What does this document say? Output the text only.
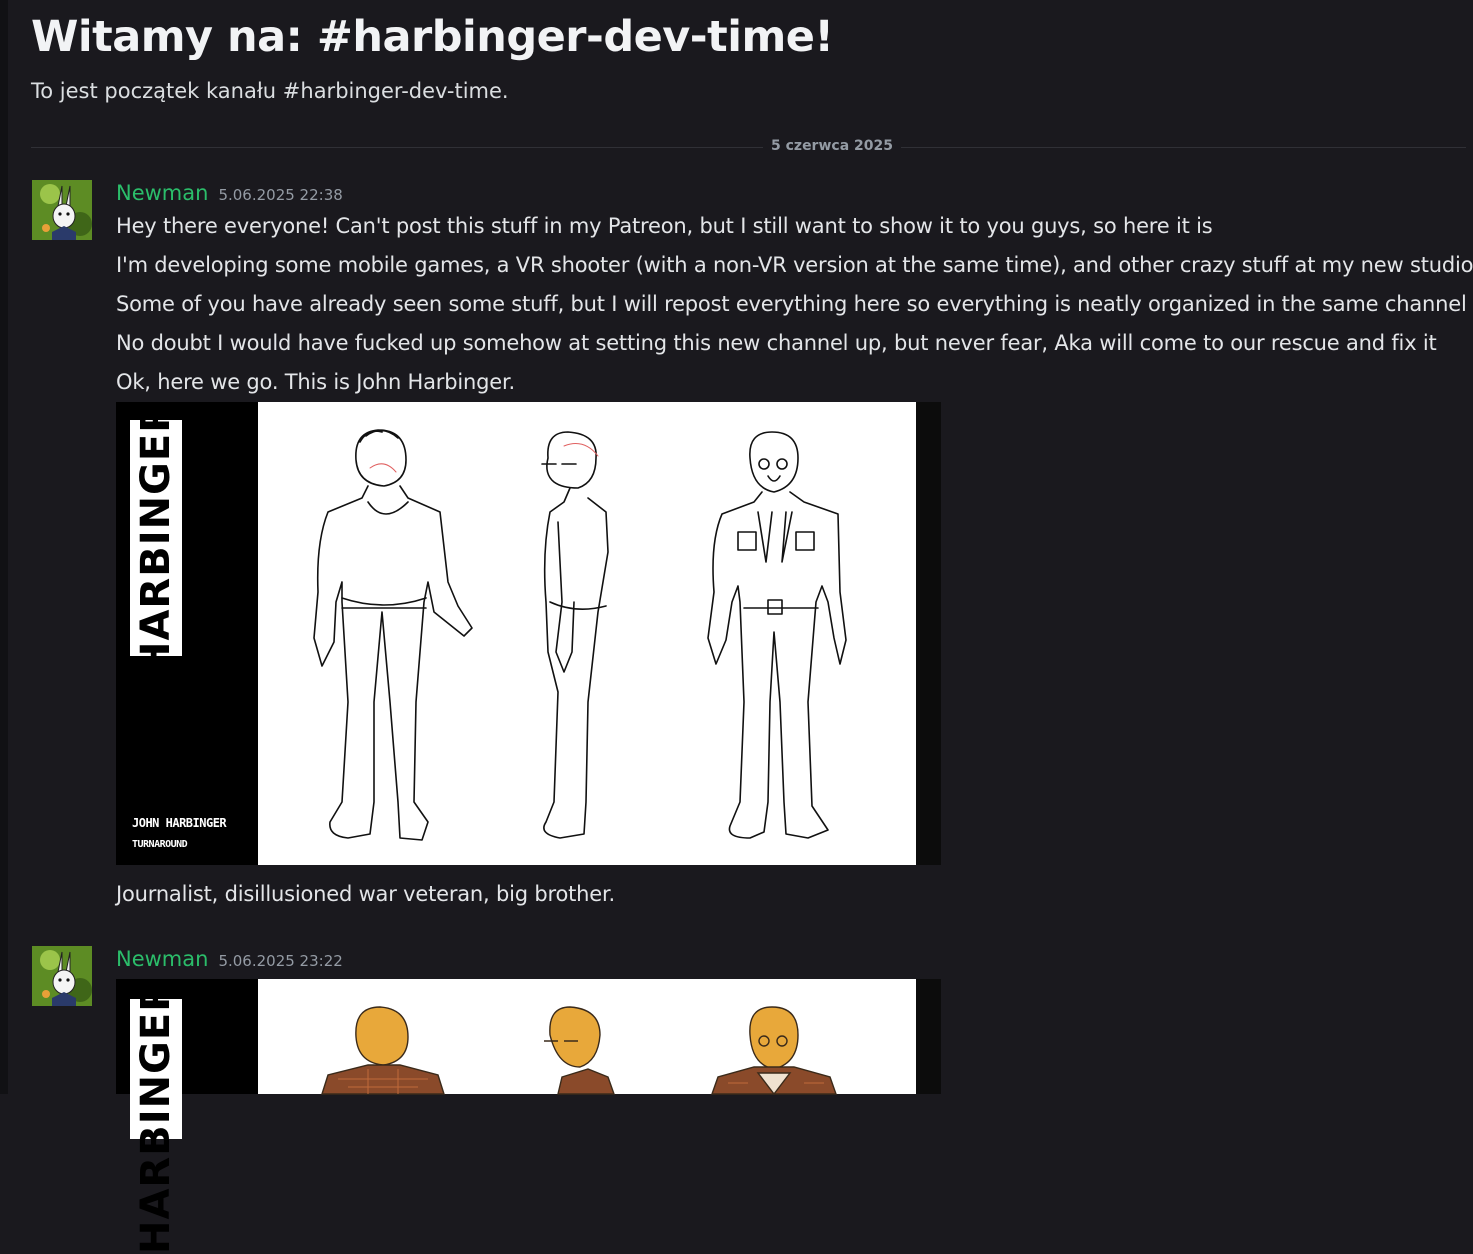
Witamy na: #harbinger-dev-time!
To jest początek kanału #harbinger-dev-time.
5 czerwca 2025
Newman 5.06.2025 22:38
Hey there everyone! Can't post this stuff in my Patreon, but I still want to show it to you guys, so here it is
I'm developing some mobile games, a VR shooter (with a non-VR version at the same time), and other crazy stuff at my new studio
Some of you have already seen some stuff, but I will repost everything here so everything is neatly organized in the same channel
No doubt I would have fucked up somehow at setting this new channel up, but never fear, Aka will come to our rescue and fix it
Ok, here we go. This is John Harbinger.
HARBINGER
JOHN HARBINGER
TURNAROUND
Journalist, disillusioned war veteran, big brother.
Newman 5.06.2025 23:22
HARBINGER
